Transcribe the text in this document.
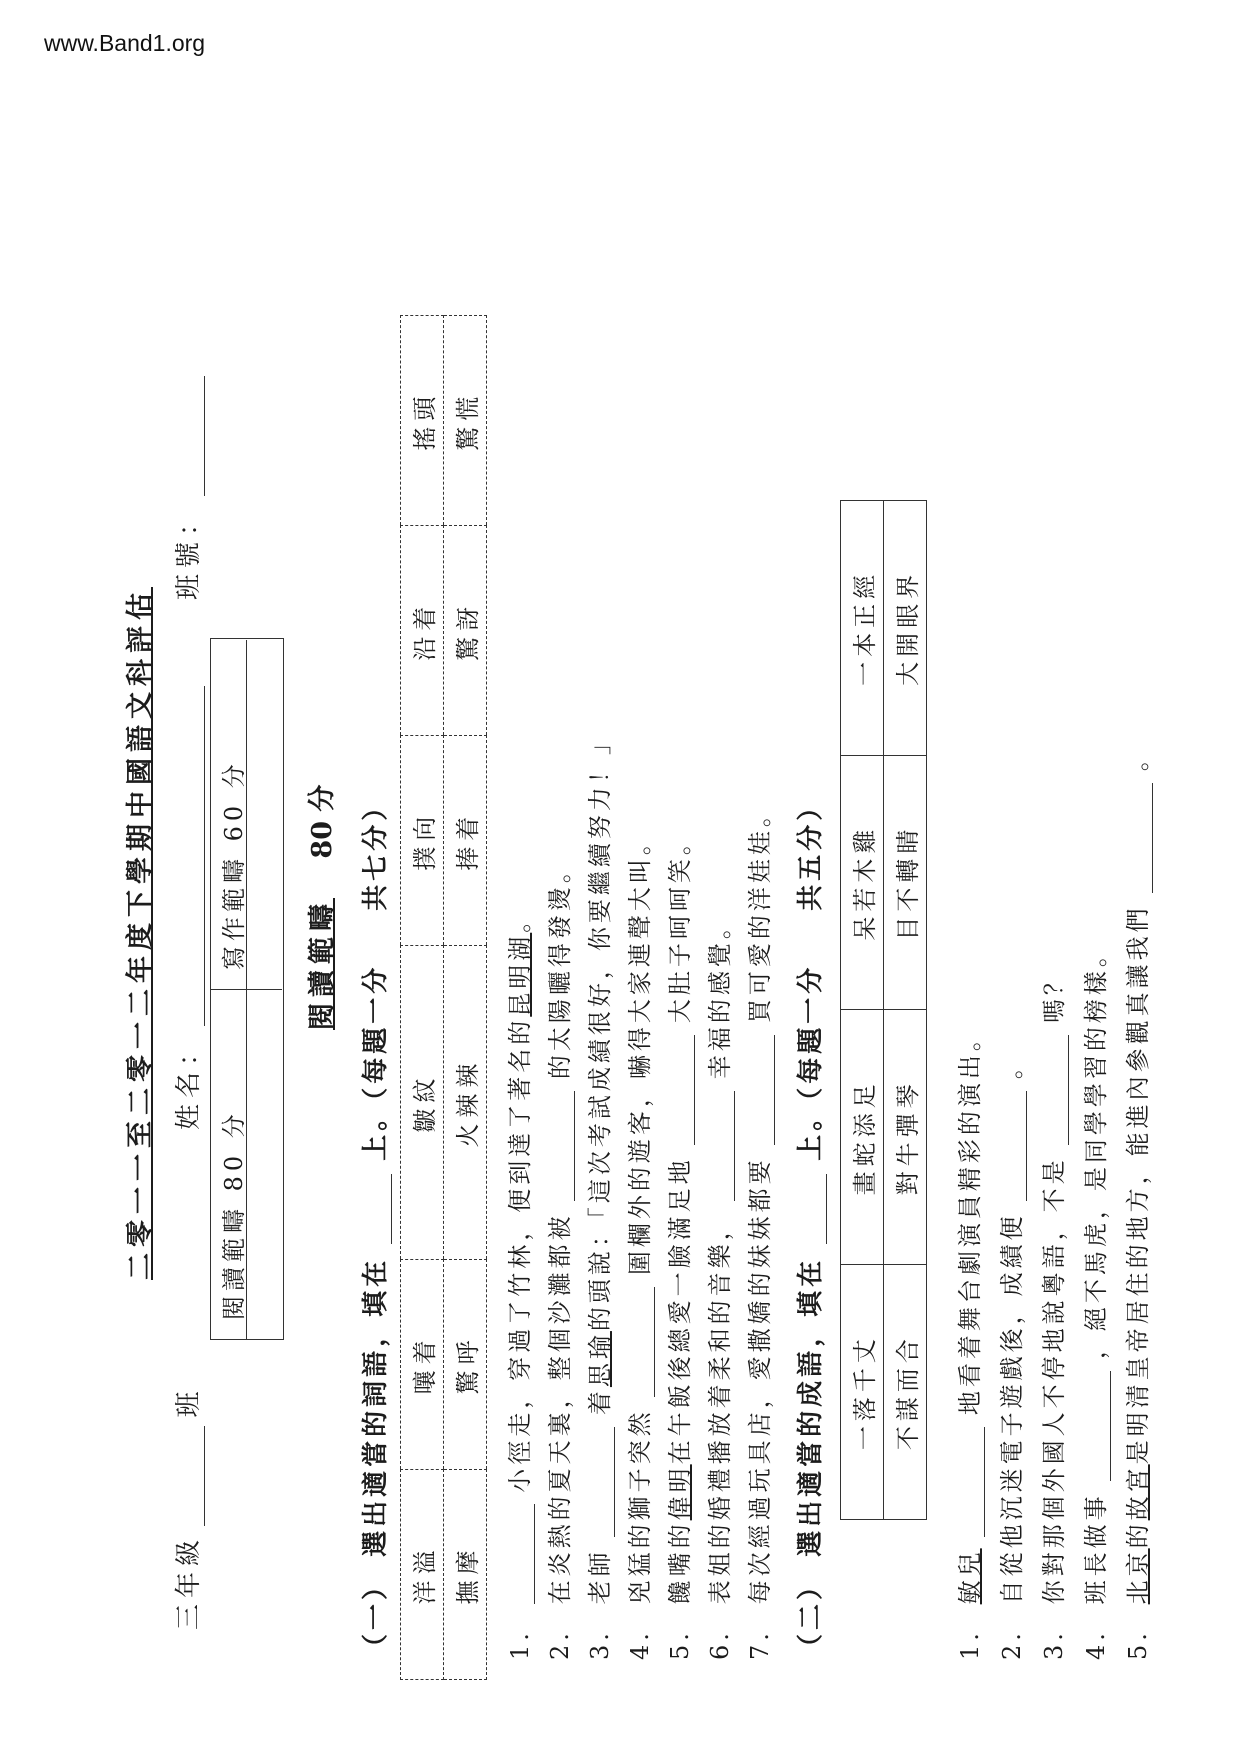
www.Band1.org
二零一一至二零一二年度下學期中國語文科評估
三年級  班
姓名：
班號：
閱讀範疇 80 分
寫作範疇 60 分 閱讀範疇 80 分
（一） 選出適當的詞語，填在  上。（每題一分 共七分）
洋溢	嚷着	皺紋	撲向	沿着	搖頭
撫摩	驚呼	火辣辣	捧着	驚訝	驚慌
1.  小徑走，穿過了竹林，便到達了著名的昆明湖。
2. 在炎熱的夏天裏，整個沙灘都被  的太陽曬得發燙。
3. 老師  着思瑜的頭說：「這次考試成績很好，你要繼續努力！」
4. 兇猛的獅子突然  圍欄外的遊客，嚇得大家連聲大叫。
5. 饞嘴的偉明在午飯後總愛一臉滿足地  大肚子呵呵笑。
6. 表姐的婚禮播放着柔和的音樂，  幸福的感覺。
7. 每次經過玩具店，愛撒嬌的妹妹都要  買可愛的洋娃娃。
（二） 選出適當的成語，填在  上。（每題一分 共五分）
一落千丈	畫蛇添足	呆若木雞	一本正經
不謀而合	對牛彈琴	目不轉睛	大開眼界
1. 敏兒  地看着舞台劇演員精彩的演出。
2. 自從他沉迷電子遊戲後，成績便  。
3. 你對那個外國人不停地說粵語，不是  嗎？
4. 班長做事  ，絕不馬虎，是同學學習的榜樣。
5. 北京的故宮是明清皇帝居住的地方，能進內參觀真讓我們  。
